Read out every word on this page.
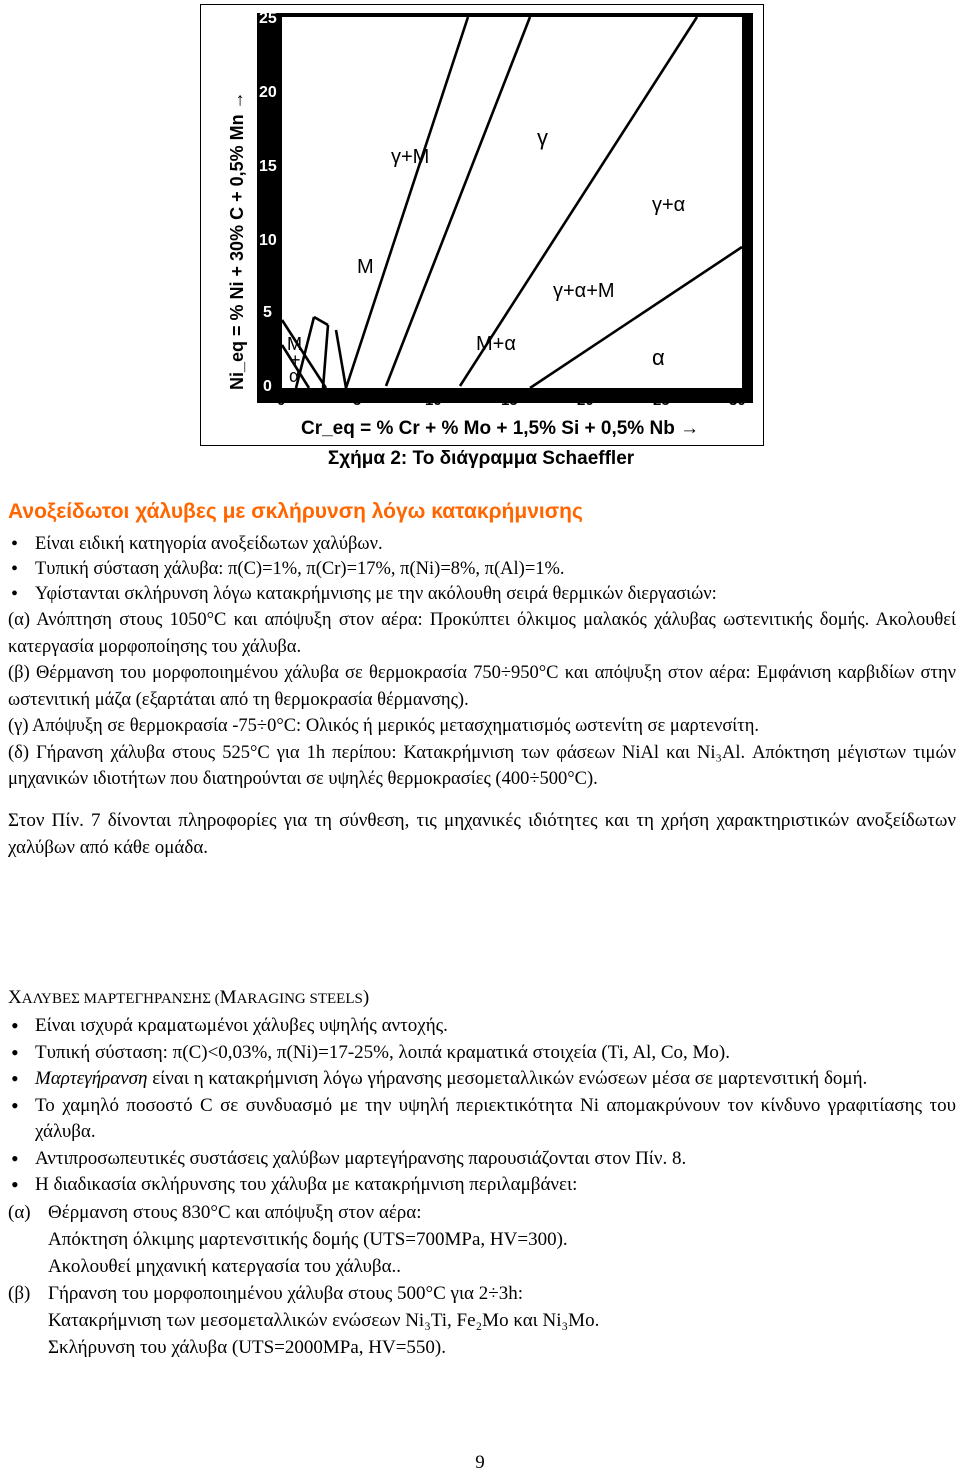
25
20
15
10
5
0
0	5	10	15	20	25	30
Cr_eq = % Cr + % Mo + 1,5% Si + 0,5% Nb →
Ni_eq = % Ni + 30% C + 0,5% Mn →	γ
γ+M
γ+α
M
γ+α+M
M+α
α
M
+
α
Σχήμα 2: Το διάγραμμα Schaeffler
Ανοξείδωτοι χάλυβες με σκλήρυνση λόγω κατακρήμνισης
• Είναι ειδική κατηγορία ανοξείδωτων χαλύβων.
• Τυπική σύσταση χάλυβα: π(C)=1%, π(Cr)=17%, π(Ni)=8%, π(Al)=1%.
• Υφίστανται σκλήρυνση λόγω κατακρήμνισης με την ακόλουθη σειρά θερμικών διεργασιών:
(α) Ανόπτηση στους 1050°C και απόψυξη στον αέρα: Προκύπτει όλκιμος μαλακός χάλυβας ωστενιτικής δομής. Ακολουθεί κατεργασία μορφοποίησης του χάλυβα.
(β) Θέρμανση του μορφοποιημένου χάλυβα σε θερμοκρασία 750÷950°C και απόψυξη στον αέρα: Εμφάνιση καρβιδίων στην ωστενιτική μάζα (εξαρτάται από τη θερμοκρασία θέρμανσης).
(γ) Απόψυξη σε θερμοκρασία -75÷0°C: Ολικός ή μερικός μετασχηματισμός ωστενίτη σε μαρτενσίτη.
(δ) Γήρανση χάλυβα στους 525°C για 1h περίπου: Κατακρήμνιση των φάσεων NiAl και Ni₃Al. Απόκτηση μέγιστων τιμών μηχανικών ιδιοτήτων που διατηρούνται σε υψηλές θερμοκρασίες (400÷500°C).
Στον Πίν. 7 δίνονται πληροφορίες για τη σύνθεση, τις μηχανικές ιδιότητες και τη χρήση χαρακτηριστικών ανοξείδωτων χαλύβων από κάθε ομάδα.
ΧΑΛΥΒΕΣ ΜΑΡΤΕΓΗΡΑΝΣΗΣ (MARAGING STEELS)
• Είναι ισχυρά κραματωμένοι χάλυβες υψηλής αντοχής.
• Τυπική σύσταση: π(C)<0,03%, π(Ni)=17-25%, λοιπά κραματικά στοιχεία (Ti, Al, Co, Mo).
• Μαρτεγήρανση είναι η κατακρήμνιση λόγω γήρανσης μεσομεταλλικών ενώσεων μέσα σε μαρτενσιτική δομή.
• Το χαμηλό ποσοστό C σε συνδυασμό με την υψηλή περιεκτικότητα Ni απομακρύνουν τον κίνδυνο γραφιτίασης του χάλυβα.
• Αντιπροσωπευτικές συστάσεις χαλύβων μαρτεγήρανσης παρουσιάζονται στον Πίν. 8.
• Η διαδικασία σκλήρυνσης του χάλυβα με κατακρήμνιση περιλαμβάνει:
(α) Θέρμανση στους 830°C και απόψυξη στον αέρα:
Απόκτηση όλκιμης μαρτενσιτικής δομής (UTS=700MPa, HV=300).
Ακολουθεί μηχανική κατεργασία του χάλυβα..
(β) Γήρανση του μορφοποιημένου χάλυβα στους 500°C για 2÷3h:
Κατακρήμνιση των μεσομεταλλικών ενώσεων Ni₃Ti, Fe₂Mo και Ni₃Mo.
Σκλήρυνση του χάλυβα (UTS=2000MPa, HV=550).
9
